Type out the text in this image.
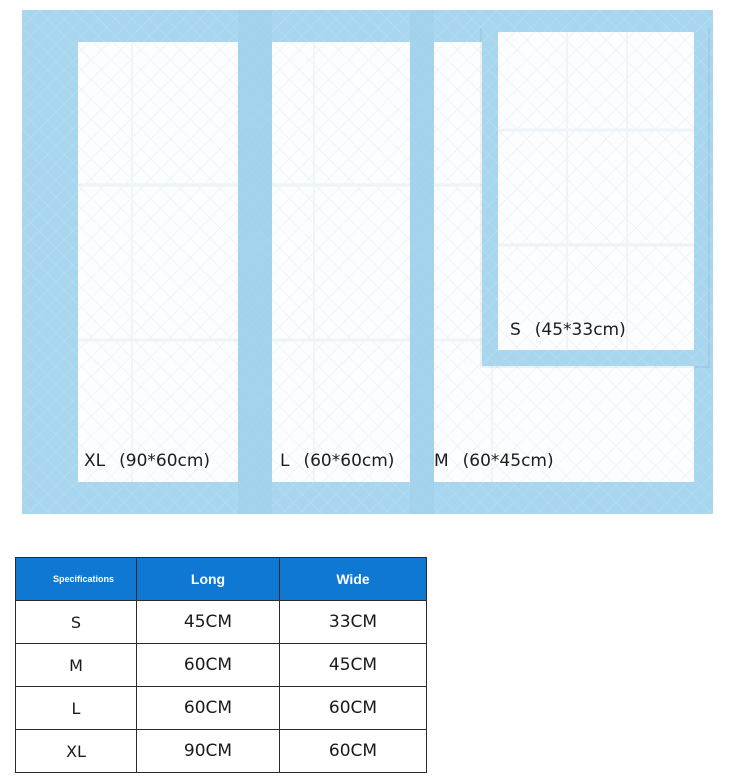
XL (90*60cm)	L (60*60cm) M (60*45cm)
S (45*33cm)
Specifications	Long	Wide	
S	45CM	33CM	
M	60CM	45CM	
L	60CM	60CM	
XL	90CM	60CM	
